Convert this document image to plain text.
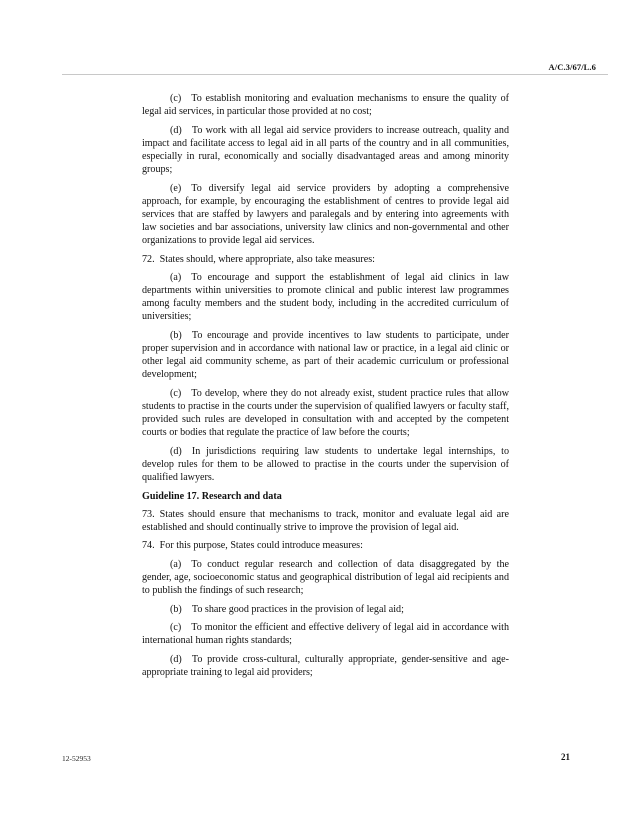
A/C.3/67/L.6

(c) To establish monitoring and evaluation mechanisms to ensure the quality of legal aid services, in particular those provided at no cost;

(d) To work with all legal aid service providers to increase outreach, quality and impact and facilitate access to legal aid in all parts of the country and in all communities, especially in rural, economically and socially disadvantaged areas and among minority groups;

(e) To diversify legal aid service providers by adopting a comprehensive approach, for example, by encouraging the establishment of centres to provide legal aid services that are staffed by lawyers and paralegals and by entering into agreements with law societies and bar associations, university law clinics and non-governmental and other organizations to provide legal aid services.

72. States should, where appropriate, also take measures:

(a) To encourage and support the establishment of legal aid clinics in law departments within universities to promote clinical and public interest law programmes among faculty members and the student body, including in the accredited curriculum of universities;

(b) To encourage and provide incentives to law students to participate, under proper supervision and in accordance with national law or practice, in a legal aid clinic or other legal aid community scheme, as part of their academic curriculum or professional development;

(c) To develop, where they do not already exist, student practice rules that allow students to practise in the courts under the supervision of qualified lawyers or faculty staff, provided such rules are developed in consultation with and accepted by the competent courts or bodies that regulate the practice of law before the courts;

(d) In jurisdictions requiring law students to undertake legal internships, to develop rules for them to be allowed to practise in the courts under the supervision of qualified lawyers.

Guideline 17. Research and data

73. States should ensure that mechanisms to track, monitor and evaluate legal aid are established and should continually strive to improve the provision of legal aid.

74. For this purpose, States could introduce measures:

(a) To conduct regular research and collection of data disaggregated by the gender, age, socioeconomic status and geographical distribution of legal aid recipients and to publish the findings of such research;

(b) To share good practices in the provision of legal aid;

(c) To monitor the efficient and effective delivery of legal aid in accordance with international human rights standards;

(d) To provide cross-cultural, culturally appropriate, gender-sensitive and age-appropriate training to legal aid providers;

12-52953	21
